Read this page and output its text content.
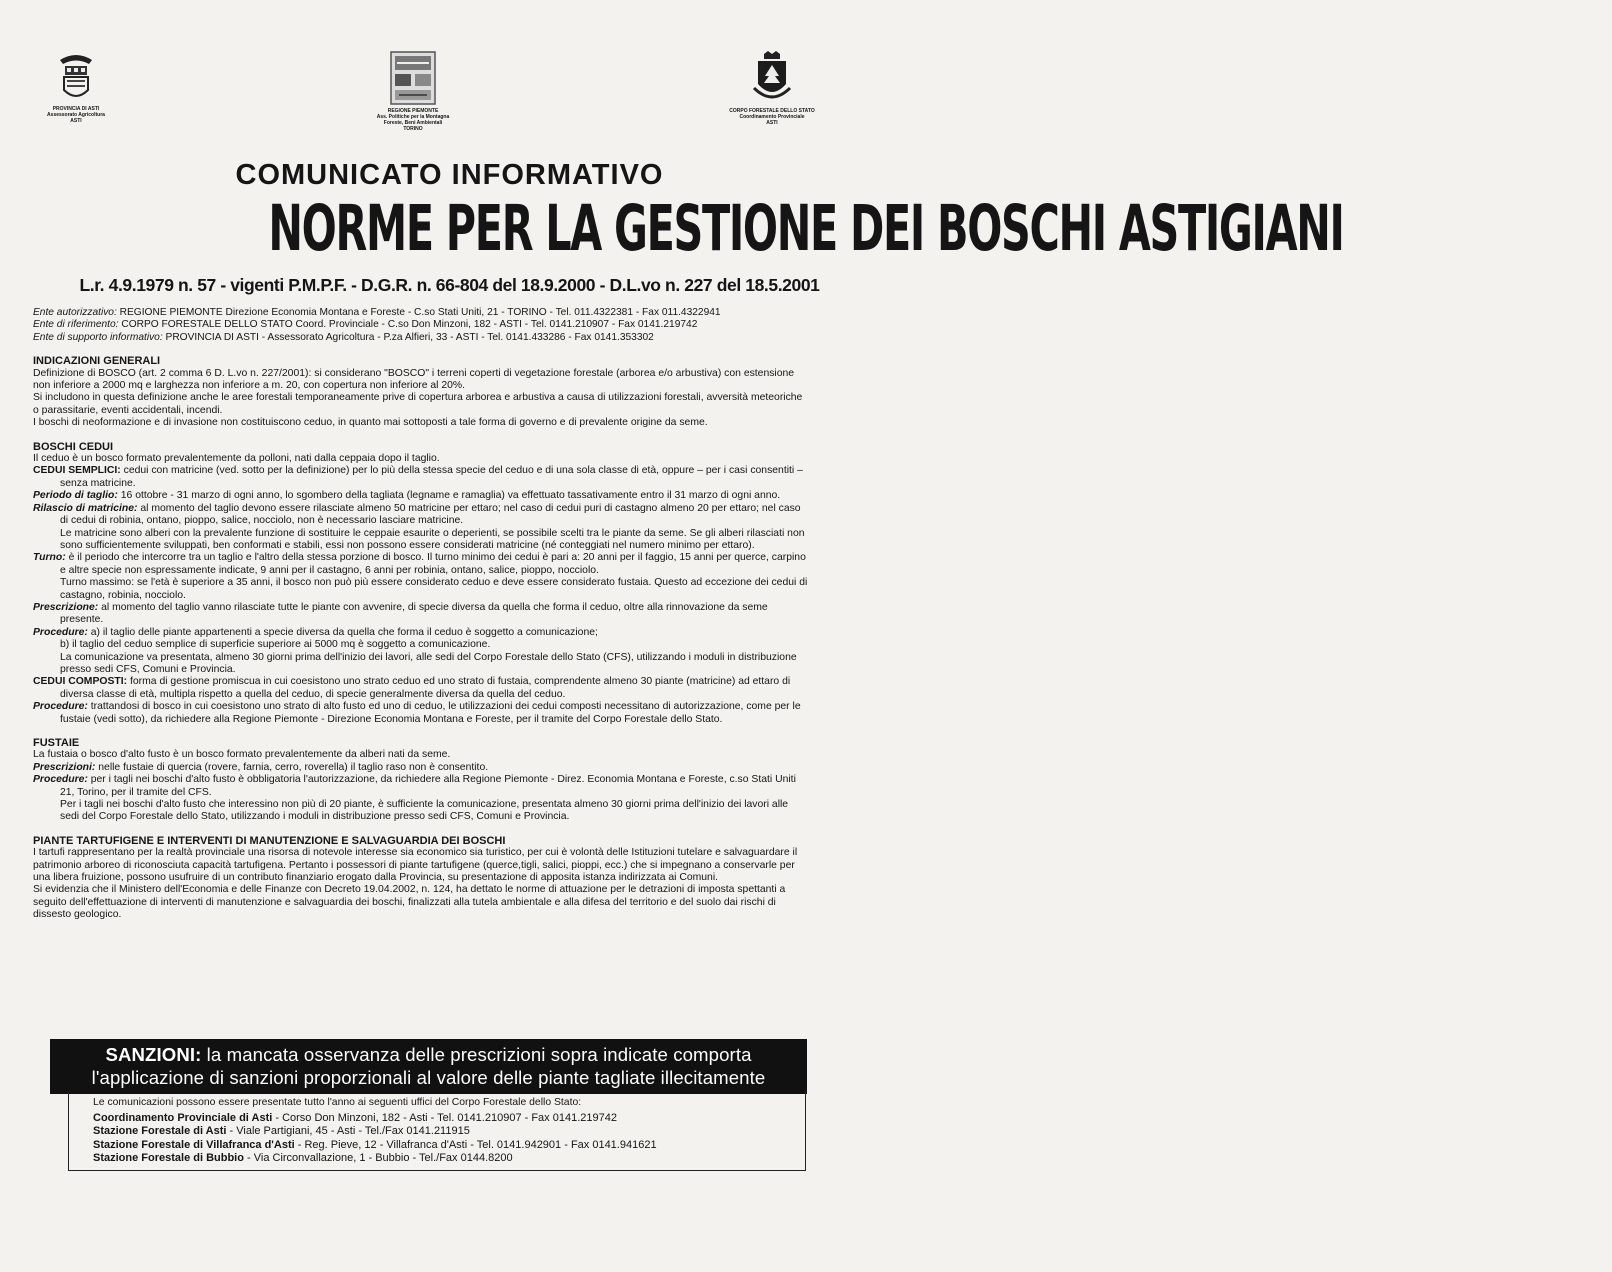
PROVINCIA DI ASTI
Assessorato Agricoltura
ASTI
REGIONE PIEMONTE
Ass. Politiche per la Montagna
Foreste, Beni Ambientali
TORINO
CORPO FORESTALE DELLO STATO
Coordinamento Provinciale
ASTI
COMUNICATO INFORMATIVO
NORME PER LA GESTIONE DEI BOSCHI ASTIGIANI
L.r. 4.9.1979 n. 57 - vigenti P.M.P.F. - D.G.R. n. 66-804 del 18.9.2000 - D.L.vo n. 227 del 18.5.2001

Ente autorizzativo: REGIONE PIEMONTE Direzione Economia Montana e Foreste - C.so Stati Uniti, 21 - TORINO - Tel. 011.4322381 - Fax 011.4322941

Ente di riferimento: CORPO FORESTALE DELLO STATO Coord. Provinciale - C.so Don Minzoni, 182 - ASTI - Tel. 0141.210907 - Fax 0141.219742

Ente di supporto informativo: PROVINCIA DI ASTI - Assessorato Agricoltura - P.za Alfieri, 33 - ASTI - Tel. 0141.433286 - Fax 0141.353302

INDICAZIONI GENERALI

Definizione di BOSCO (art. 2 comma 6 D. L.vo n. 227/2001): si considerano "BOSCO" i terreni coperti di vegetazione forestale (arborea e/o arbustiva) con estensione non inferiore a 2000 mq e larghezza non inferiore a m. 20, con copertura non inferiore al 20%.

Si includono in questa definizione anche le aree forestali temporaneamente prive di copertura arborea e arbustiva a causa di utilizzazioni forestali, avversità meteoriche o parassitarie, eventi accidentali, incendi.

I boschi di neoformazione e di invasione non costituiscono ceduo, in quanto mai sottoposti a tale forma di governo e di prevalente origine da seme.

BOSCHI CEDUI

Il ceduo è un bosco formato prevalentemente da polloni, nati dalla ceppaia dopo il taglio.

CEDUI SEMPLICI: cedui con matricine (ved. sotto per la definizione) per lo più della stessa specie del ceduo e di una sola classe di età, oppure – per i casi consentiti – senza matricine.

Periodo di taglio: 16 ottobre - 31 marzo di ogni anno, lo sgombero della tagliata (legname e ramaglia) va effettuato tassativamente entro il 31 marzo di ogni anno.

Rilascio di matricine: al momento del taglio devono essere rilasciate almeno 50 matricine per ettaro; nel caso di cedui puri di castagno almeno 20 per ettaro; nel caso di cedui di robinia, ontano, pioppo, salice, nocciolo, non è necessario lasciare matricine.

Le matricine sono alberi con la prevalente funzione di sostituire le ceppaie esaurite o deperienti, se possibile scelti tra le piante da seme. Se gli alberi rilasciati non sono sufficientemente sviluppati, ben conformati e stabili, essi non possono essere considerati matricine (né conteggiati nel numero minimo per ettaro).

Turno: è il periodo che intercorre tra un taglio e l'altro della stessa porzione di bosco. Il turno minimo dei cedui è pari a: 20 anni per il faggio, 15 anni per querce, carpino e altre specie non espressamente indicate, 9 anni per il castagno, 6 anni per robinia, ontano, salice, pioppo, nocciolo.

Turno massimo: se l'età è superiore a 35 anni, il bosco non può più essere considerato ceduo e deve essere considerato fustaia. Questo ad eccezione dei cedui di castagno, robinia, nocciolo.

Prescrizione: al momento del taglio vanno rilasciate tutte le piante con avvenire, di specie diversa da quella che forma il ceduo, oltre alla rinnovazione da seme presente.

Procedure: a) il taglio delle piante appartenenti a specie diversa da quella che forma il ceduo è soggetto a comunicazione;

b) il taglio del ceduo semplice di superficie superiore ai 5000 mq è soggetto a comunicazione.

La comunicazione va presentata, almeno 30 giorni prima dell'inizio dei lavori, alle sedi del Corpo Forestale dello Stato (CFS), utilizzando i moduli in distribuzione presso sedi CFS, Comuni e Provincia.

CEDUI COMPOSTI: forma di gestione promiscua in cui coesistono uno strato ceduo ed uno strato di fustaia, comprendente almeno 30 piante (matricine) ad ettaro di diversa classe di età, multipla rispetto a quella del ceduo, di specie generalmente diversa da quella del ceduo.

Procedure: trattandosi di bosco in cui coesistono uno strato di alto fusto ed uno di ceduo, le utilizzazioni dei cedui composti necessitano di autorizzazione, come per le fustaie (vedi sotto), da richiedere alla Regione Piemonte - Direzione Economia Montana e Foreste, per il tramite del Corpo Forestale dello Stato.

FUSTAIE

La fustaia o bosco d'alto fusto è un bosco formato prevalentemente da alberi nati da seme.

Prescrizioni: nelle fustaie di quercia (rovere, farnia, cerro, roverella) il taglio raso non è consentito.

Procedure: per i tagli nei boschi d'alto fusto è obbligatoria l'autorizzazione, da richiedere alla Regione Piemonte - Direz. Economia Montana e Foreste, c.so Stati Uniti 21, Torino, per il tramite del CFS.

Per i tagli nei boschi d'alto fusto che interessino non più di 20 piante, è sufficiente la comunicazione, presentata almeno 30 giorni prima dell'inizio dei lavori alle sedi del Corpo Forestale dello Stato, utilizzando i moduli in distribuzione presso sedi CFS, Comuni e Provincia.

PIANTE TARTUFIGENE E INTERVENTI DI MANUTENZIONE E SALVAGUARDIA DEI BOSCHI

I tartufi rappresentano per la realtà provinciale una risorsa di notevole interesse sia economico sia turistico, per cui è volontà delle Istituzioni tutelare e salvaguardare il patrimonio arboreo di riconosciuta capacità tartufigena. Pertanto i possessori di piante tartufigene (querce,tigli, salici, pioppi, ecc.) che si impegnano a conservarle per una libera fruizione, possono usufruire di un contributo finanziario erogato dalla Provincia, su presentazione di apposita istanza indirizzata ai Comuni.

Si evidenzia che il Ministero dell'Economia e delle Finanze con Decreto 19.04.2002, n. 124, ha dettato le norme di attuazione per le detrazioni di imposta spettanti a seguito dell'effettuazione di interventi di manutenzione e salvaguardia dei boschi, finalizzati alla tutela ambientale e alla difesa del territorio e del suolo dai rischi di dissesto geologico.

SANZIONI: la mancata osservanza delle prescrizioni sopra indicate comporta
l'applicazione di sanzioni proporzionali al valore delle piante tagliate illecitamente
Le comunicazioni possono essere presentate tutto l'anno ai seguenti uffici del Corpo Forestale dello Stato:
Coordinamento Provinciale di Asti - Corso Don Minzoni, 182 - Asti - Tel. 0141.210907 - Fax 0141.219742
Stazione Forestale di Asti - Viale Partigiani, 45 - Asti - Tel./Fax 0141.211915
Stazione Forestale di Villafranca d'Asti - Reg. Pieve, 12 - Villafranca d'Asti - Tel. 0141.942901 - Fax 0141.941621
Stazione Forestale di Bubbio - Via Circonvallazione, 1 - Bubbio - Tel./Fax 0144.8200
